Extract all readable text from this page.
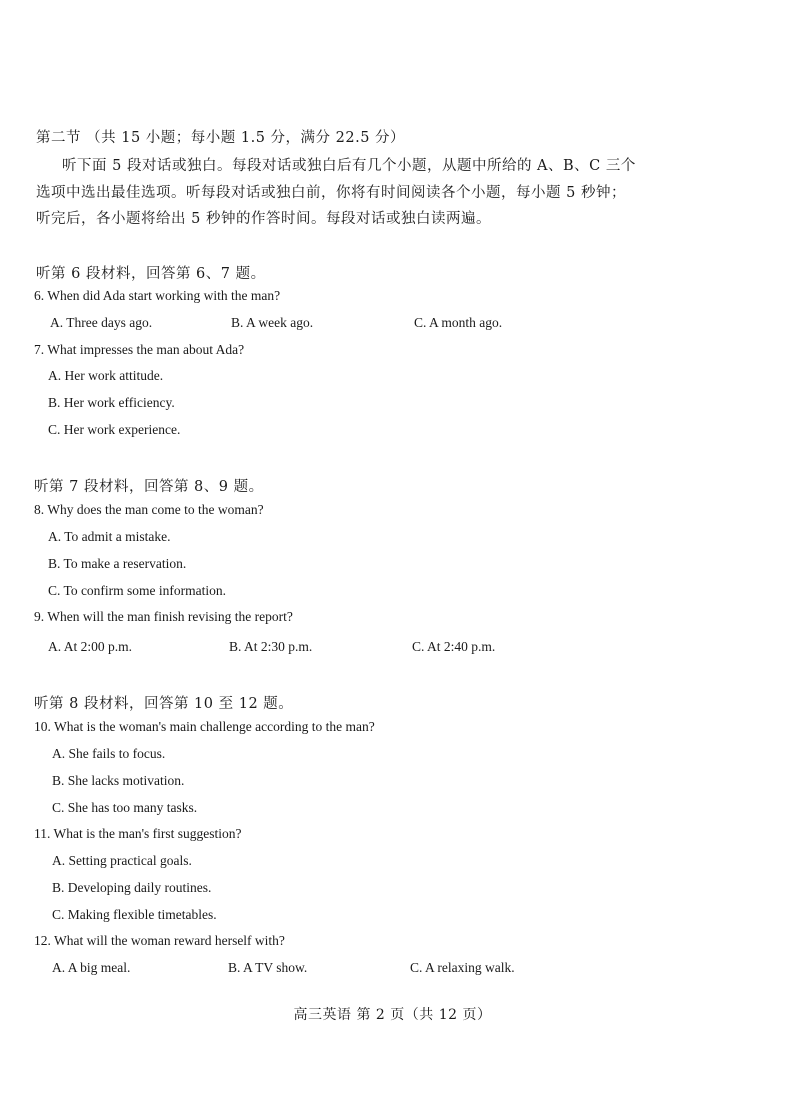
第二节 （共 15 小题；每小题 1.5 分，满分 22.5 分）
听下面 5 段对话或独白。每段对话或独白后有几个小题，从题中所给的 A、B、C 三个
选项中选出最佳选项。听每段对话或独白前，你将有时间阅读各个小题，每小题 5 秒钟；
听完后，各小题将给出 5 秒钟的作答时间。每段对话或独白读两遍。
听第 6 段材料，回答第 6、7 题。
6. When did Ada start working with the man?
A. Three days ago.	B. A week ago.	C. A month ago.
7. What impresses the man about Ada?
A. Her work attitude.
B. Her work efficiency.
C. Her work experience.
听第 7 段材料，回答第 8、9 题。
8. Why does the man come to the woman?
A. To admit a mistake.
B. To make a reservation.
C. To confirm some information.
9. When will the man finish revising the report?
A. At 2:00 p.m.	B. At 2:30 p.m.	C. At 2:40 p.m.
听第 8 段材料，回答第 10 至 12 题。
10. What is the woman's main challenge according to the man?
A. She fails to focus.
B. She lacks motivation.
C. She has too many tasks.
11. What is the man's first suggestion?
A. Setting practical goals.
B. Developing daily routines.
C. Making flexible timetables.
12. What will the woman reward herself with?
A. A big meal.	B. A TV show.	C. A relaxing walk.
高三英语 第 2 页（共 12 页）
